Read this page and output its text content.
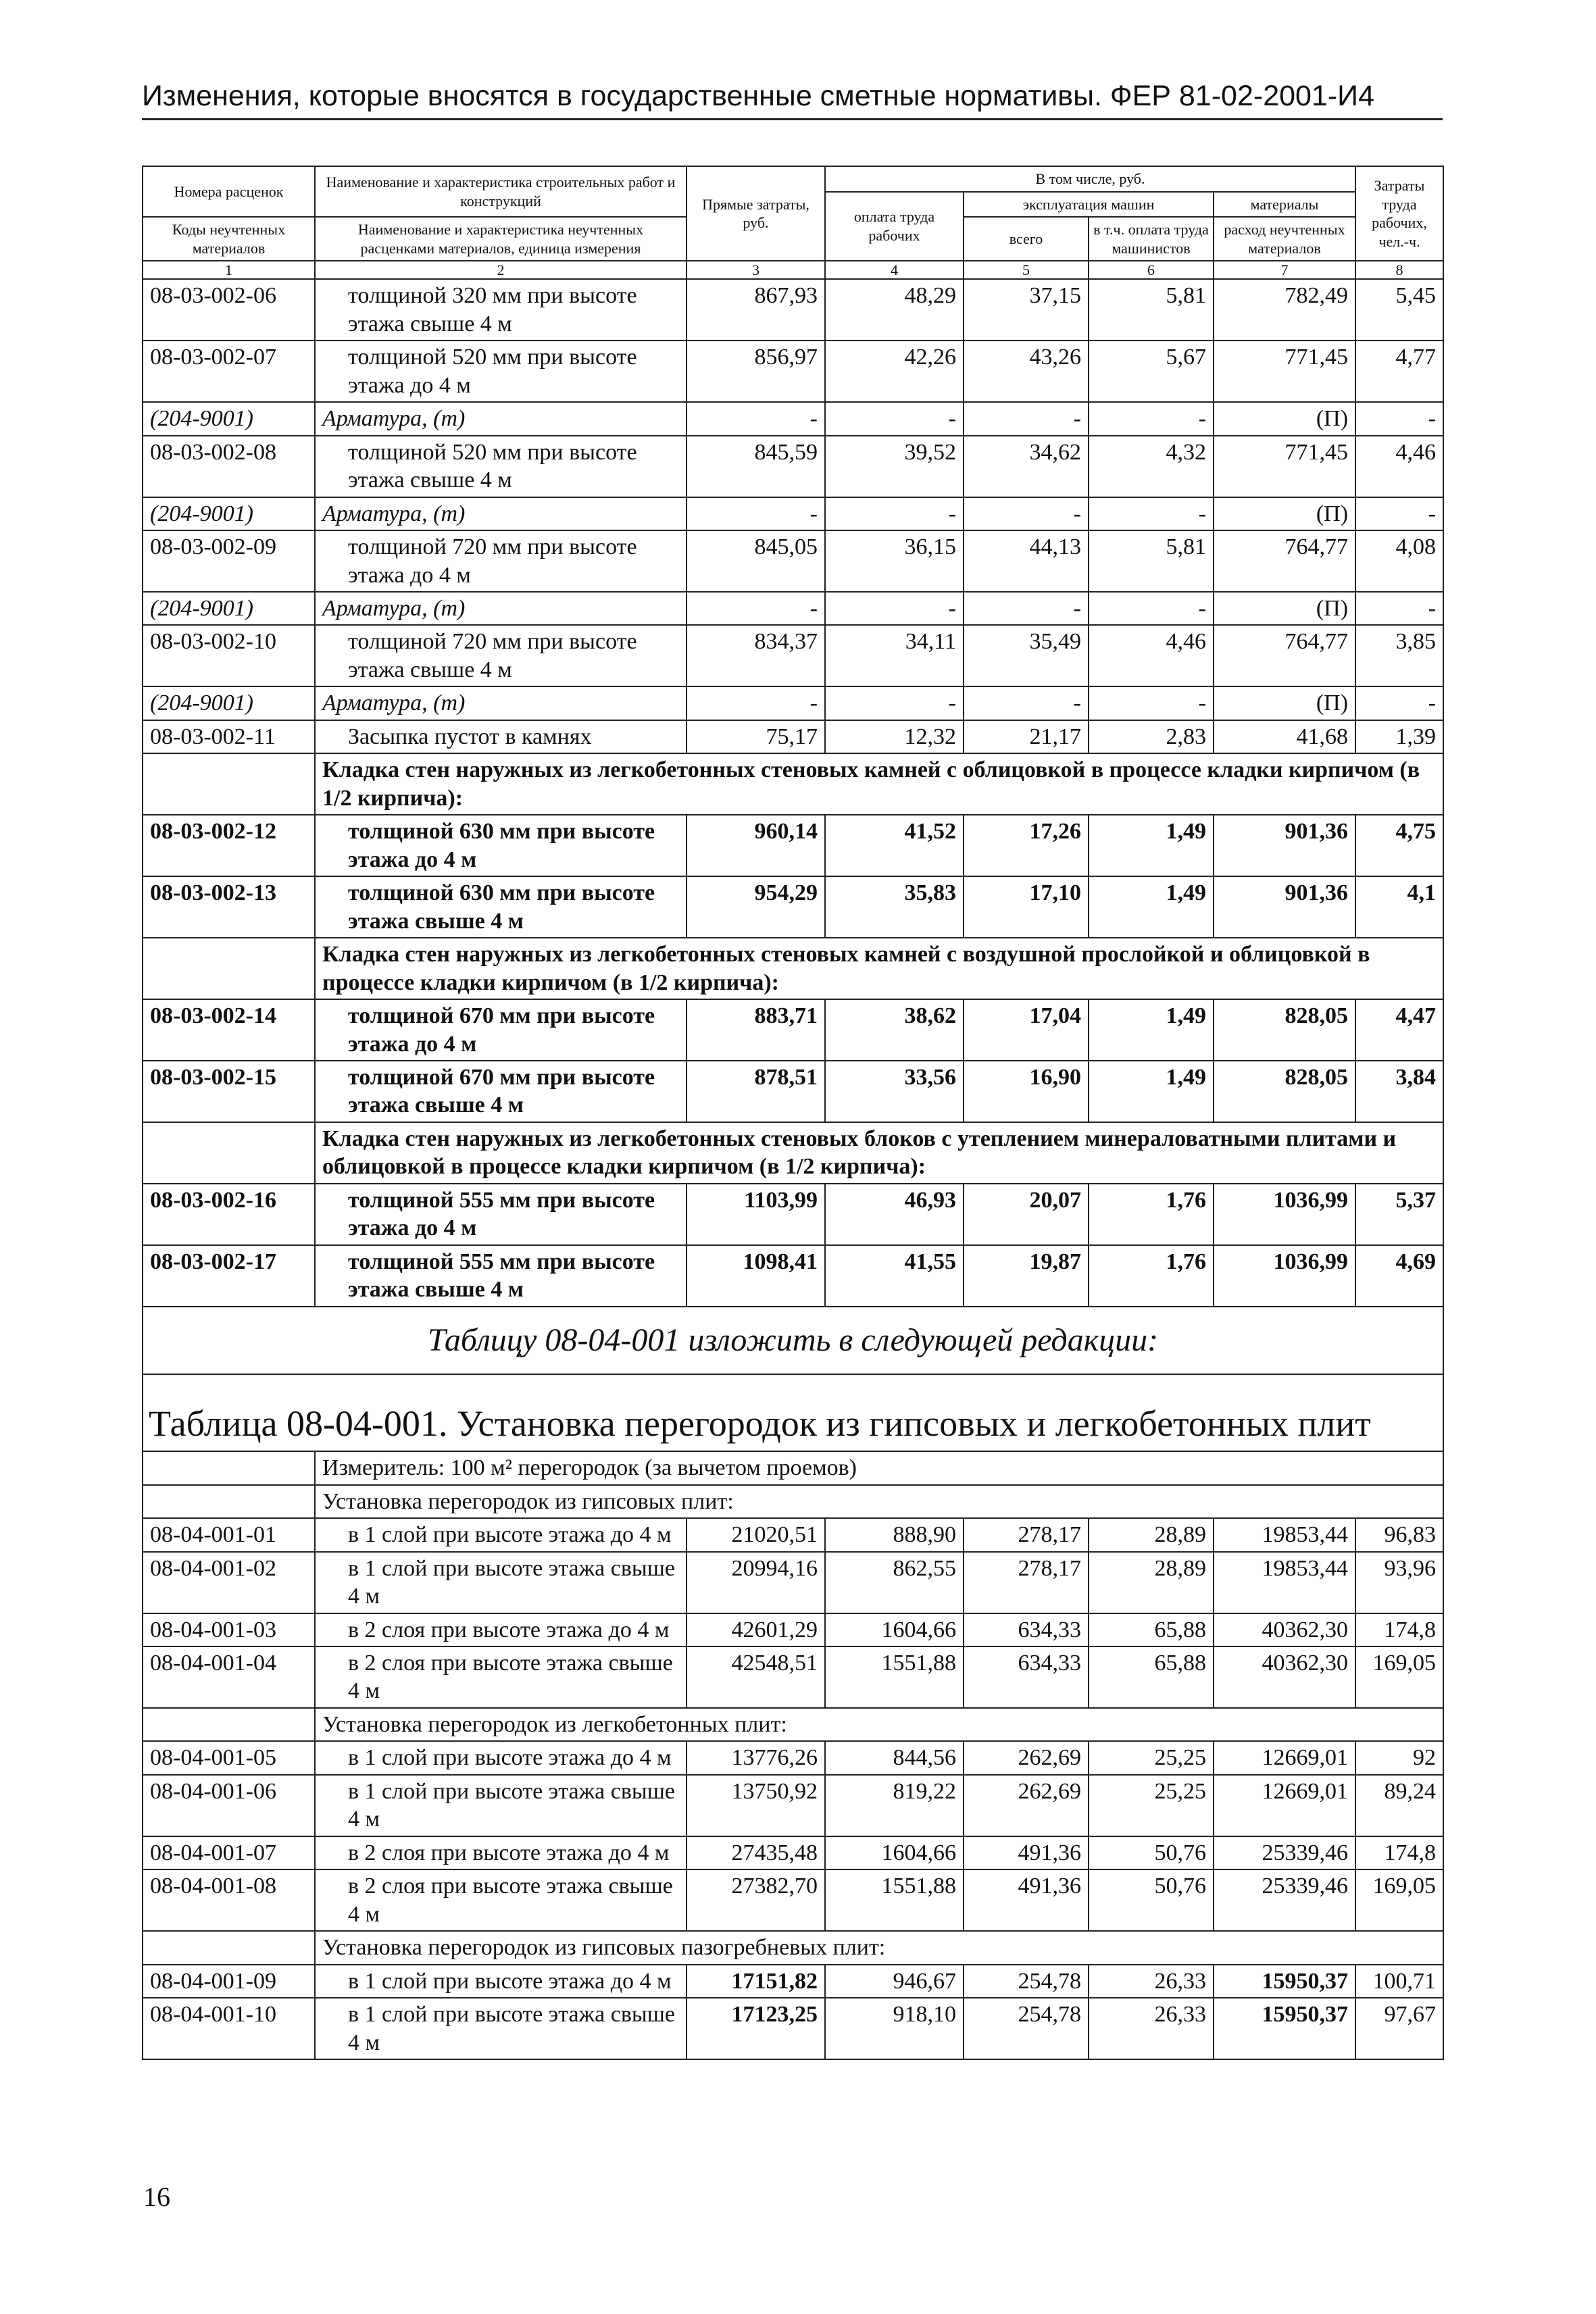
Изменения, которые вносятся в государственные сметные нормативы. ФЕР 81-02-2001-И4
Номера расценок	Наименование и характеристика строительных работ и конструкций	Прямые затраты, руб.	В том числе, руб.				Затраты труда рабочих, чел.-ч.
			оплата труда рабочих	эксплуатация машин		материалы	
Коды неучтенных материалов	Наименование и характеристика неучтенных расценками материалов, единица измерения			всего	в т.ч. оплата труда машинистов	расход неучтенных материалов	

1	2	3	4	5	6	7	8
08-03-002-06	толщиной 320 мм при высоте этажа свыше 4 м	867,93	48,29	37,15	5,81	782,49	5,45
08-03-002-07	толщиной 520 мм при высоте этажа до 4 м	856,97	42,26	43,26	5,67	771,45	4,77
(204-9001)	Арматура, (т)	-	-	-	-	(П)	-
08-03-002-08	толщиной 520 мм при высоте этажа свыше 4 м	845,59	39,52	34,62	4,32	771,45	4,46
(204-9001)	Арматура, (т)	-	-	-	-	(П)	-
08-03-002-09	толщиной 720 мм при высоте этажа до 4 м	845,05	36,15	44,13	5,81	764,77	4,08
(204-9001)	Арматура, (т)	-	-	-	-	(П)	-
08-03-002-10	толщиной 720 мм при высоте этажа свыше 4 м	834,37	34,11	35,49	4,46	764,77	3,85
(204-9001)	Арматура, (т)	-	-	-	-	(П)	-
08-03-002-11	Засыпка пустот в камнях	75,17	12,32	21,17	2,83	41,68	1,39
	Кладка стен наружных из легкобетонных стеновых камней с облицовкой в процессе кладки кирпичом (в 1/2 кирпича):						
08-03-002-12	толщиной 630 мм при высоте этажа до 4 м	960,14	41,52	17,26	1,49	901,36	4,75
08-03-002-13	толщиной 630 мм при высоте этажа свыше 4 м	954,29	35,83	17,10	1,49	901,36	4,1
	Кладка стен наружных из легкобетонных стеновых камней с воздушной прослойкой и облицовкой в процессе кладки кирпичом (в 1/2 кирпича):						
08-03-002-14	толщиной 670 мм при высоте этажа до 4 м	883,71	38,62	17,04	1,49	828,05	4,47
08-03-002-15	толщиной 670 мм при высоте этажа свыше 4 м	878,51	33,56	16,90	1,49	828,05	3,84
	Кладка стен наружных из легкобетонных стеновых блоков с утеплением минераловатными плитами и облицовкой в процессе кладки кирпичом (в 1/2 кирпича):						
08-03-002-16	толщиной 555 мм при высоте этажа до 4 м	1103,99	46,93	20,07	1,76	1036,99	5,37
08-03-002-17	толщиной 555 мм при высоте этажа свыше 4 м	1098,41	41,55	19,87	1,76	1036,99	4,69
Таблицу 08-04-001 изложить в следующей редакции:							
Таблица 08-04-001. Установка перегородок из гипсовых и легкобетонных плит							
	Измеритель: 100 м² перегородок (за вычетом проемов)						
	Установка перегородок из гипсовых плит:						
08-04-001-01	в 1 слой при высоте этажа до 4 м	21020,51	888,90	278,17	28,89	19853,44	96,83
08-04-001-02	в 1 слой при высоте этажа свыше 4 м	20994,16	862,55	278,17	28,89	19853,44	93,96
08-04-001-03	в 2 слоя при высоте этажа до 4 м	42601,29	1604,66	634,33	65,88	40362,30	174,8
08-04-001-04	в 2 слоя при высоте этажа свыше 4 м	42548,51	1551,88	634,33	65,88	40362,30	169,05
	Установка перегородок из легкобетонных плит:						
08-04-001-05	в 1 слой при высоте этажа до 4 м	13776,26	844,56	262,69	25,25	12669,01	92
08-04-001-06	в 1 слой при высоте этажа свыше 4 м	13750,92	819,22	262,69	25,25	12669,01	89,24
08-04-001-07	в 2 слоя при высоте этажа до 4 м	27435,48	1604,66	491,36	50,76	25339,46	174,8
08-04-001-08	в 2 слоя при высоте этажа свыше 4 м	27382,70	1551,88	491,36	50,76	25339,46	169,05
	Установка перегородок из гипсовых пазогребневых плит:						
08-04-001-09	в 1 слой при высоте этажа до 4 м	17151,82	946,67	254,78	26,33	15950,37	100,71
08-04-001-10	в 1 слой при высоте этажа свыше 4 м	17123,25	918,10	254,78	26,33	15950,37	97,67
16
